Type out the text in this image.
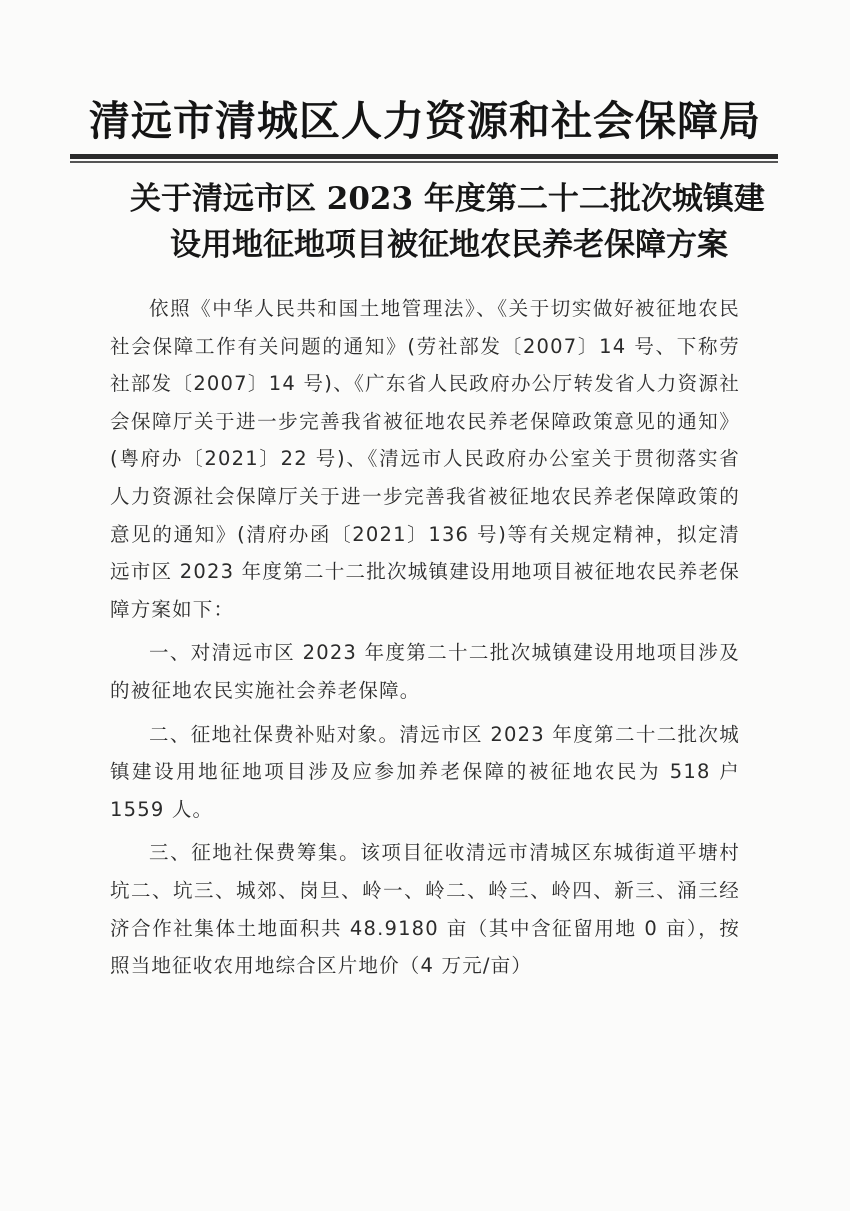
清远市清城区人力资源和社会保障局
关于清远市区 2023 年度第二十二批次城镇建
设用地征地项目被征地农民养老保障方案

依照《中华人民共和国土地管理法》、《关于切实做好被征地农民社会保障工作有关问题的通知》(劳社部发〔2007〕14 号、下称劳社部发〔2007〕14 号)、《广东省人民政府办公厅转发省人力资源社会保障厅关于进一步完善我省被征地农民养老保障政策意见的通知》(粤府办〔2021〕22 号)、《清远市人民政府办公室关于贯彻落实省人力资源社会保障厅关于进一步完善我省被征地农民养老保障政策的意见的通知》(清府办函〔2021〕136 号)等有关规定精神，拟定清远市区 2023 年度第二十二批次城镇建设用地项目被征地农民养老保障方案如下：

一、对清远市区 2023 年度第二十二批次城镇建设用地项目涉及的被征地农民实施社会养老保障。

二、征地社保费补贴对象。清远市区 2023 年度第二十二批次城镇建设用地征地项目涉及应参加养老保障的被征地农民为 518 户 1559 人。

三、征地社保费筹集。该项目征收清远市清城区东城街道平塘村坑二、坑三、城郊、岗旦、岭一、岭二、岭三、岭四、新三、涌三经济合作社集体土地面积共 48.9180 亩（其中含征留用地 0 亩），按照当地征收农用地综合区片地价（4 万元/亩）
